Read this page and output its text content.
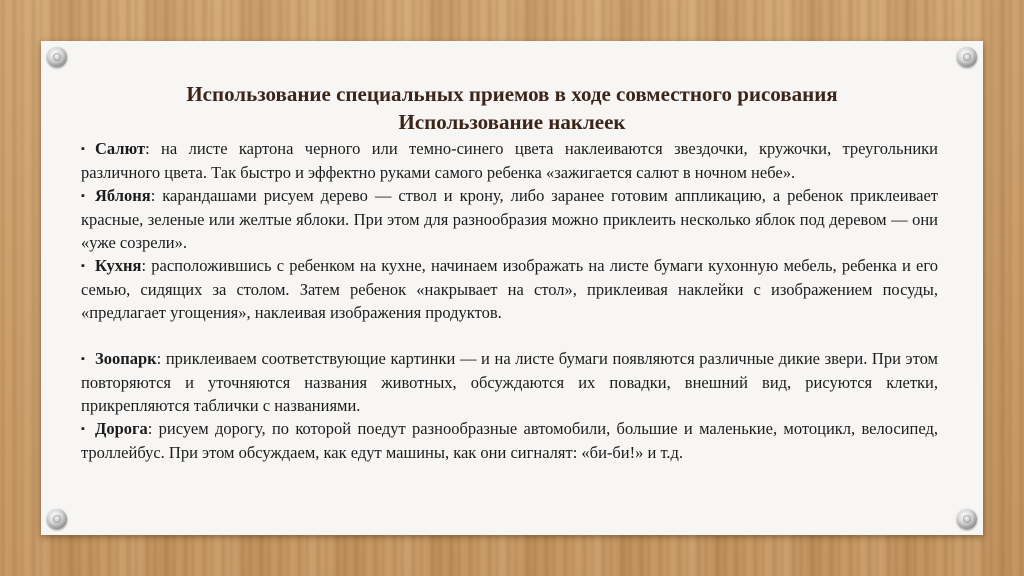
Использование специальных приемов в ходе совместного рисования
Использование наклеек

▪ Салют: на листе картона черного или темно-синего цвета наклеиваются звездочки, кружочки, треугольники различного цвета. Так быстро и эффектно руками самого ребенка «зажигается салют в ночном небе».

▪ Яблоня: карандашами рисуем дерево — ствол и крону, либо заранее готовим аппликацию, а ребенок приклеивает красные, зеленые или желтые яблоки. При этом для разнообразия можно приклеить несколько яблок под деревом — они «уже созрели».

▪ Кухня: расположившись с ребенком на кухне, начинаем изображать на листе бумаги кухонную мебель, ребенка и его семью, сидящих за столом. Затем ребенок «накрывает на стол», приклеивая наклейки с изображением посуды, «предлагает угощения», наклеивая изображения продуктов.

▪ Зоопарк: приклеиваем соответствующие картинки — и на листе бумаги появляются различные дикие звери. При этом повторяются и уточняются названия животных, обсуждаются их повадки, внешний вид, рисуются клетки, прикрепляются таблички с названиями.

▪ Дорога: рисуем дорогу, по которой поедут разнообразные автомобили, большие и маленькие, мотоцикл, велосипед, троллейбус. При этом обсуждаем, как едут машины, как они сигналят: «би-би!» и т.д.
